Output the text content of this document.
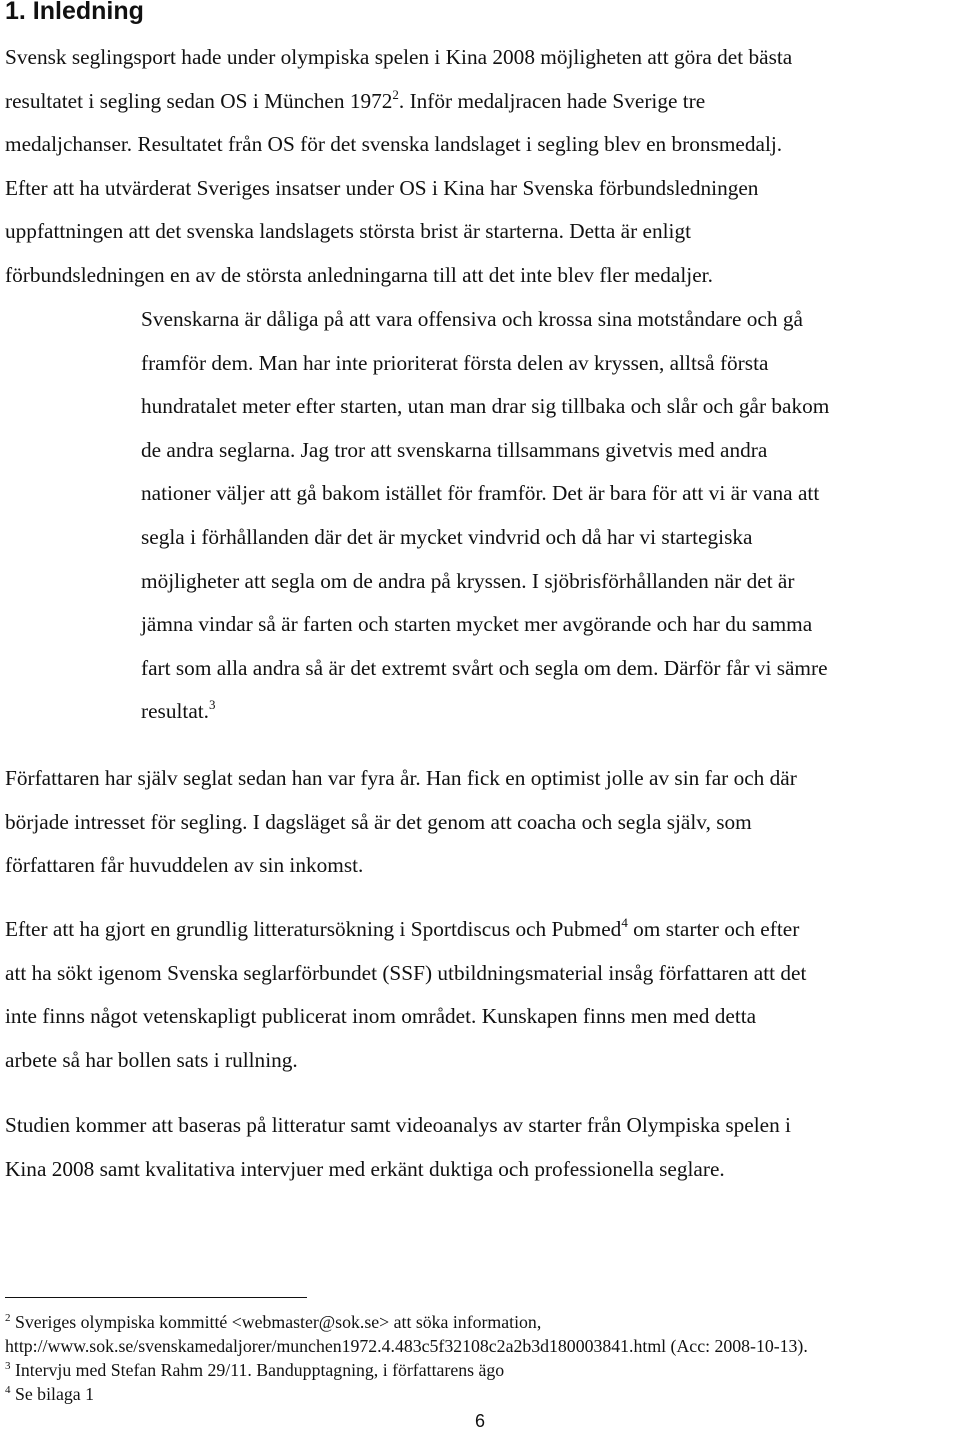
1. Inledning

Svensk seglingsport hade under olympiska spelen i Kina 2008 möjligheten att göra det bästa
resultatet i segling sedan OS i München 1972$^2$. Inför medaljracen hade Sverige tre
medaljchanser. Resultatet från OS för det svenska landslaget i segling blev en bronsmedalj.
Efter att ha utvärderat Sveriges insatser under OS i Kina har Svenska förbundsledningen
uppfattningen att det svenska landslagets största brist är starterna. Detta är enligt
förbundsledningen en av de största anledningarna till att det inte blev fler medaljer.

Svenskarna är dåliga på att vara offensiva och krossa sina motståndare och gå
framför dem. Man har inte prioriterat första delen av kryssen, alltså första
hundratalet meter efter starten, utan man drar sig tillbaka och slår och går bakom
de andra seglarna. Jag tror att svenskarna tillsammans givetvis med andra
nationer väljer att gå bakom istället för framför. Det är bara för att vi är vana att
segla i förhållanden där det är mycket vindvrid och då har vi startegiska
möjligheter att segla om de andra på kryssen. I sjöbrisförhållanden när det är
jämna vindar så är farten och starten mycket mer avgörande och har du samma
fart som alla andra så är det extremt svårt och segla om dem. Därför får vi sämre
resultat.$^3$

Författaren har själv seglat sedan han var fyra år. Han fick en optimist jolle av sin far och där
började intresset för segling. I dagsläget så är det genom att coacha och segla själv, som
författaren får huvuddelen av sin inkomst.

Efter att ha gjort en grundlig litteratursökning i Sportdiscus och Pubmed$^4$ om starter och efter
att ha sökt igenom Svenska seglarförbundet (SSF) utbildningsmaterial insåg författaren att det
inte finns något vetenskapligt publicerat inom området. Kunskapen finns men med detta
arbete så har bollen sats i rullning.

Studien kommer att baseras på litteratur samt videoanalys av starter från Olympiska spelen i
Kina 2008 samt kvalitativa intervjuer med erkänt duktiga och professionella seglare.

$^2$ Sveriges olympiska kommitté <webmaster@sok.se> att söka information,
http://www.sok.se/svenskamedaljorer/munchen1972.4.483c5f32108c2a2b3d180003841.html (Acc: 2008-10-13).
$^3$ Intervju med Stefan Rahm 29/11. Bandupptagning, i författarens ägo
$^4$ Se bilaga 1
6
